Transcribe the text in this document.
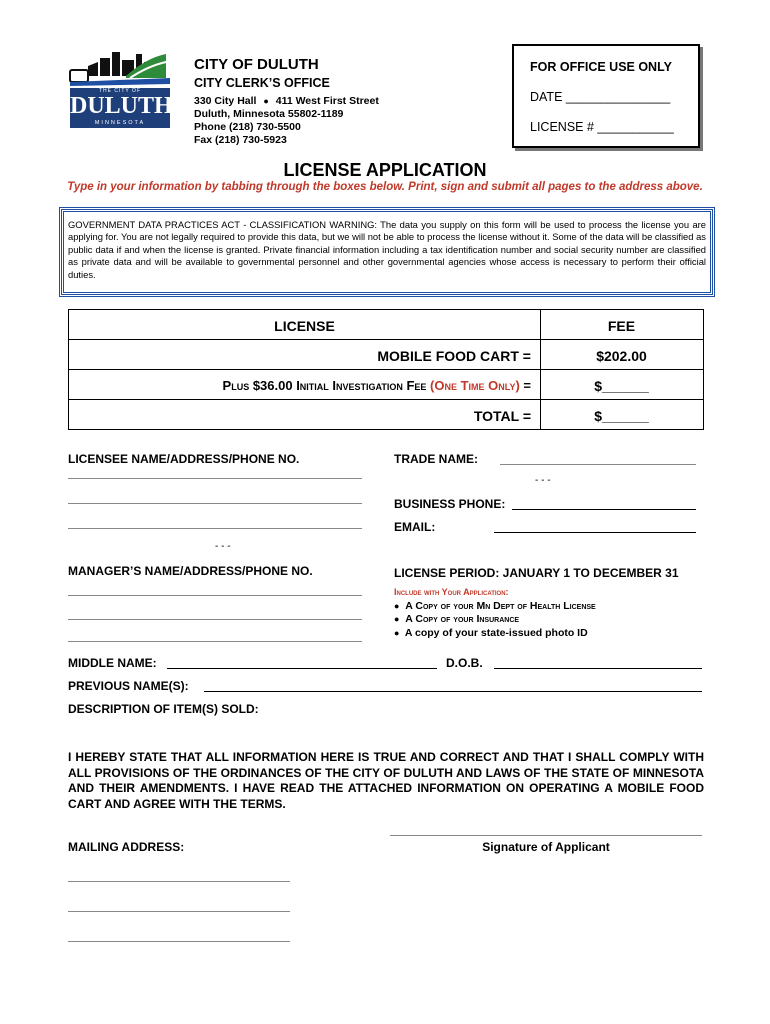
THE CITY OF
DULUTH
MINNESOTA
CITY OF DULUTH
CITY CLERK’S OFFICE
330 City Hall ● 411 West First Street
Duluth, Minnesota 55802-1189
Phone (218) 730-5500
Fax (218) 730-5923
FOR OFFICE USE ONLY
DATE _______________
LICENSE # ___________
LICENSE APPLICATION
Type in your information by tabbing through the boxes below. Print, sign and submit all pages to the address above.
GOVERNMENT DATA PRACTICES ACT - CLASSIFICATION WARNING: The data you supply on this form will be used to process the license you are applying for. You are not legally required to provide this data, but we will not be able to process the license without it. Some of the data will be classified as public data if and when the license is granted. Private financial information including a tax identification number and social security number are classified as private data and will be available to governmental personnel and other governmental agencies whose access is necessary to perform their official duties.
LICENSE	FEE
MOBILE FOOD CART =	$202.00
Plus $36.00 Initial Investigation Fee (One Time Only) =	$______
TOTAL =	$______
LICENSEE NAME/ADDRESS/PHONE NO.
- - -
MANAGER’S NAME/ADDRESS/PHONE NO.
TRADE NAME:
- - -
BUSINESS PHONE:
EMAIL:
LICENSE PERIOD: JANUARY 1 TO DECEMBER 31
Include with Your Application:
● A Copy of your Mn Dept of Health License
● A Copy of your Insurance
● A copy of your state-issued photo ID
MIDDLE NAME:	D.O.B.
PREVIOUS NAME(S):
DESCRIPTION OF ITEM(S) SOLD:
I HEREBY STATE THAT ALL INFORMATION HERE IS TRUE AND CORRECT AND THAT I SHALL COMPLY WITH ALL PROVISIONS OF THE ORDINANCES OF THE CITY OF DULUTH AND LAWS OF THE STATE OF MINNESOTA AND THEIR AMENDMENTS. I HAVE READ THE ATTACHED INFORMATION ON OPERATING A MOBILE FOOD CART AND AGREE WITH THE TERMS.
Signature of Applicant
MAILING ADDRESS:
